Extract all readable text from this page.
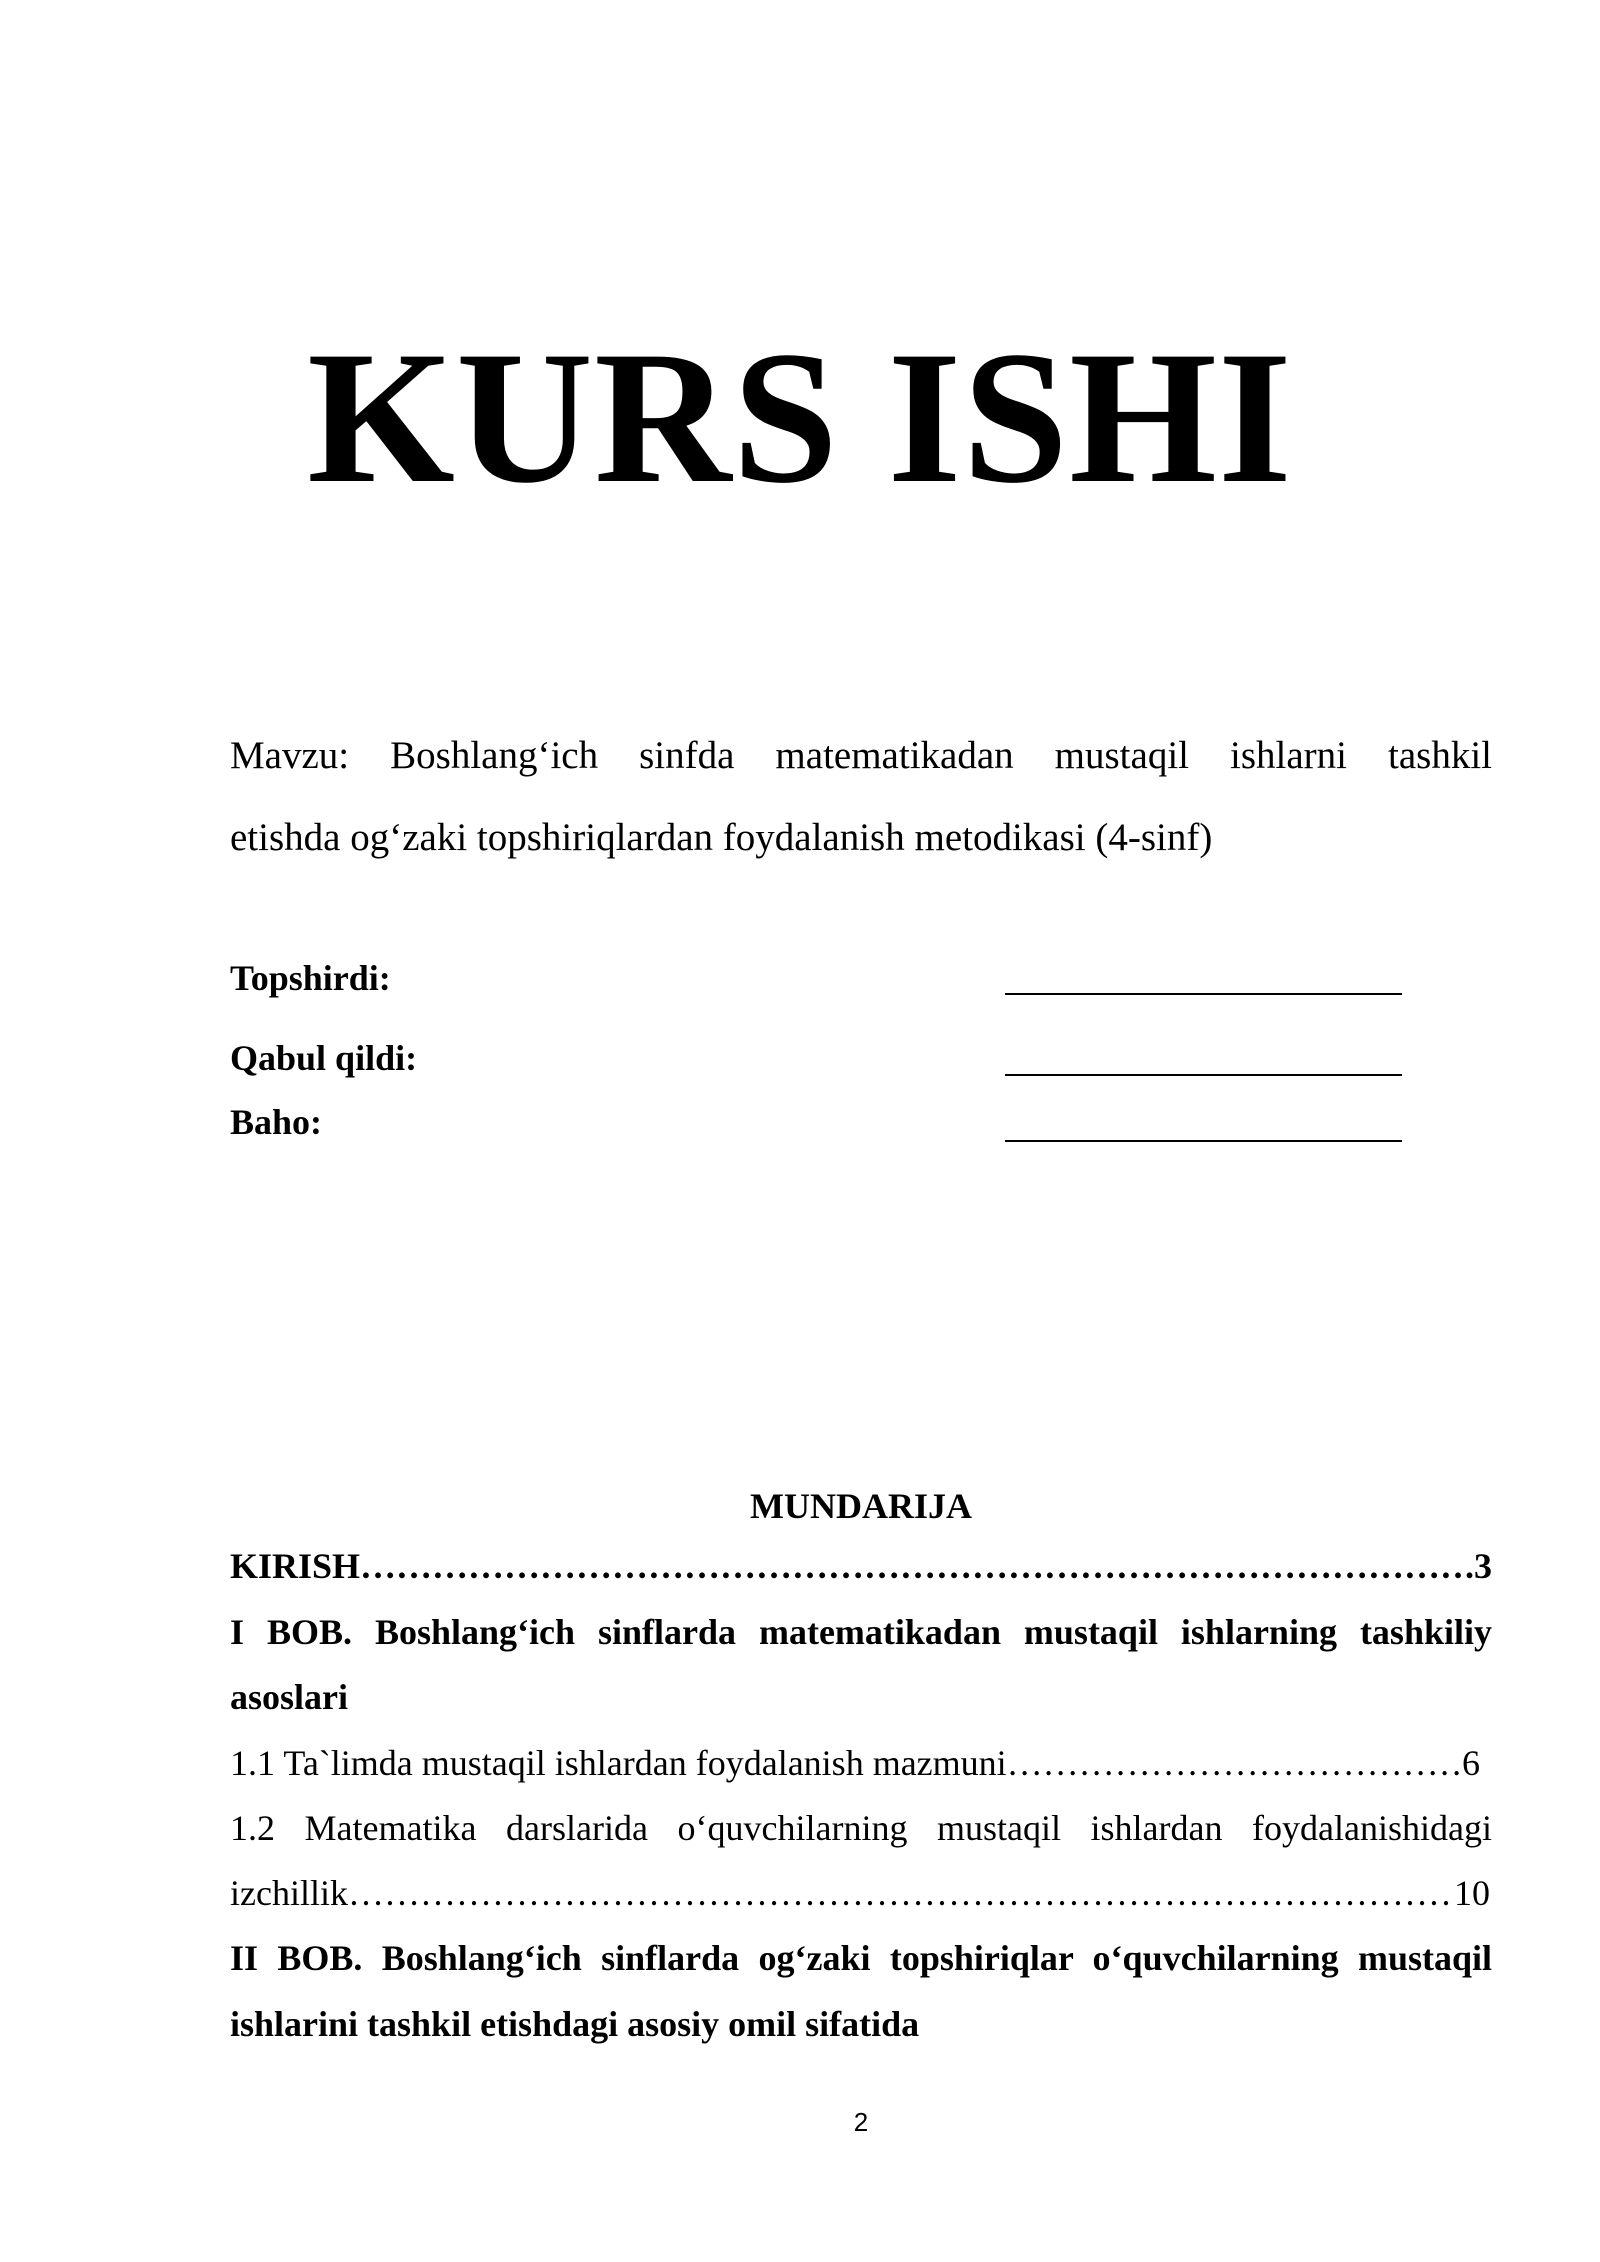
KURS ISHI
Mavzu: Boshlang‘ich sinfda matematikadan mustaqil ishlarni tashkil
etishda og‘zaki topshiriqlardan foydalanish metodikasi (4-sinf)
Topshirdi:
Qabul qildi:
Baho:
MUNDARIJA
KIRISH ……………………………………………………………………………………………………………………………………………………………………………	.3
I BOB. Boshlang‘ich sinflarda matematikadan mustaqil ishlarning tashkiliy
asoslari
1.1 Ta`limda mustaqil ishlardan foydalanish mazmuni ……………………………………………………………………………………………………………………………………………………………………………	6
1.2 Matematika darslarida o‘quvchilarning mustaqil ishlardan foydalanishidagi
izchillik ……………………………………………………………………………………………………………………………………………………………………………	10
II BOB. Boshlang‘ich sinflarda og‘zaki topshiriqlar o‘quvchilarning mustaqil
ishlarini tashkil etishdagi asosiy omil sifatida
2
